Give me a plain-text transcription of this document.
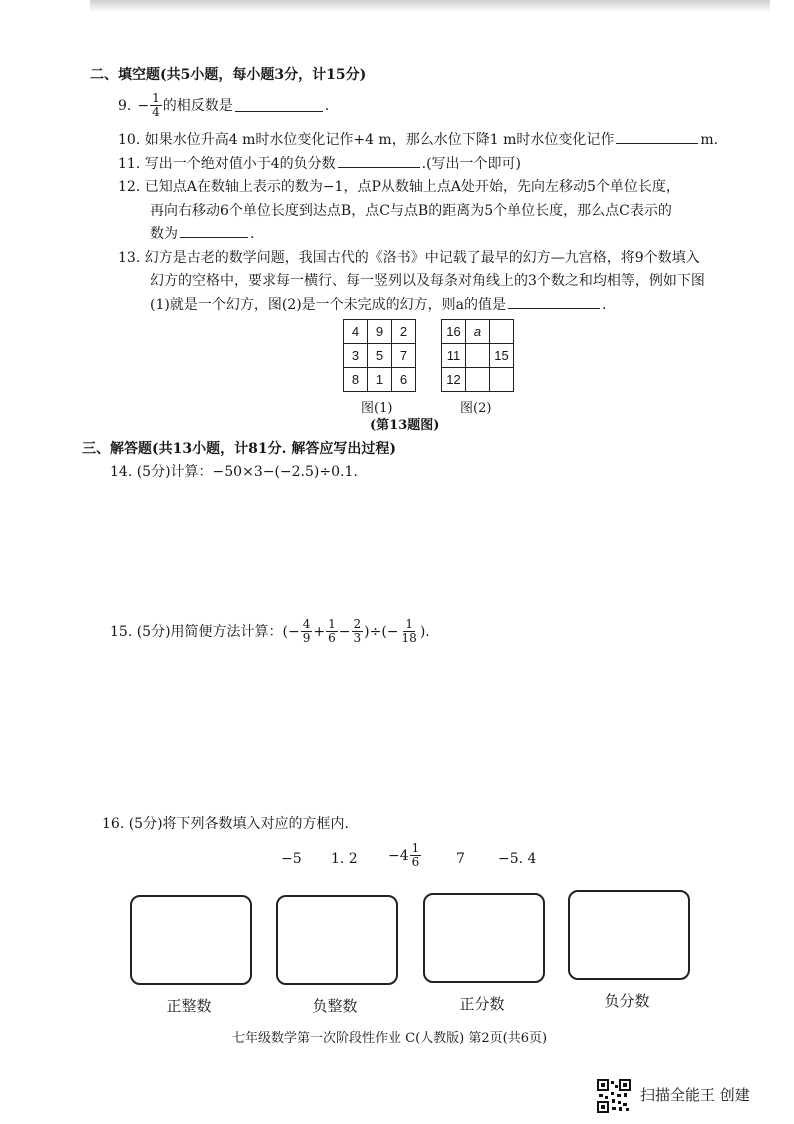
二、填空题(共5小题，每小题3分，计15分)
9. − $\frac{1}{4}$ 的相反数是	.
10. 如果水位升高4 m时水位变化记作+4 m，那么水位下降1 m时水位变化记作	m.
11. 写出一个绝对值小于4的负分数	.(写出一个即可)
12. 已知点A在数轴上表示的数为−1，点P从数轴上点A处开始，先向左移动5个单位长度，
再向右移动6个单位长度到达点B，点C与点B的距离为5个单位长度，那么点C表示的
数为	.
13. 幻方是古老的数学问题，我国古代的《洛书》中记载了最早的幻方—九宫格，将9个数填入
幻方的空格中，要求每一横行、每一竖列以及每条对角线上的3个数之和均相等，例如下图
(1)就是一个幻方，图(2)是一个未完成的幻方，则a的值是	.
4	9	2
3	5	7
8	1	6
16	a	
11		15
12		
图(1)	图(2)
(第13题图)
三、解答题(共13小题，计81分. 解答应写出过程)
14. (5分)计算：−50×3−(−2.5)÷0.1.
15. (5分)用简便方法计算：(− $\frac{4}{9} + \frac{1}{6} - \frac{2}{3}$ )÷(− $\frac{1}{18}$ ).
16. (5分)将下列各数填入对应的方框内.
−5 1. $2 -4 \frac{1}{6} 7 -5$. 4
正整数	负整数	正分数	负分数
七年级数学第一次阶段性作业 C(人教版) 第2页(共6页)
扫描全能王 创建
